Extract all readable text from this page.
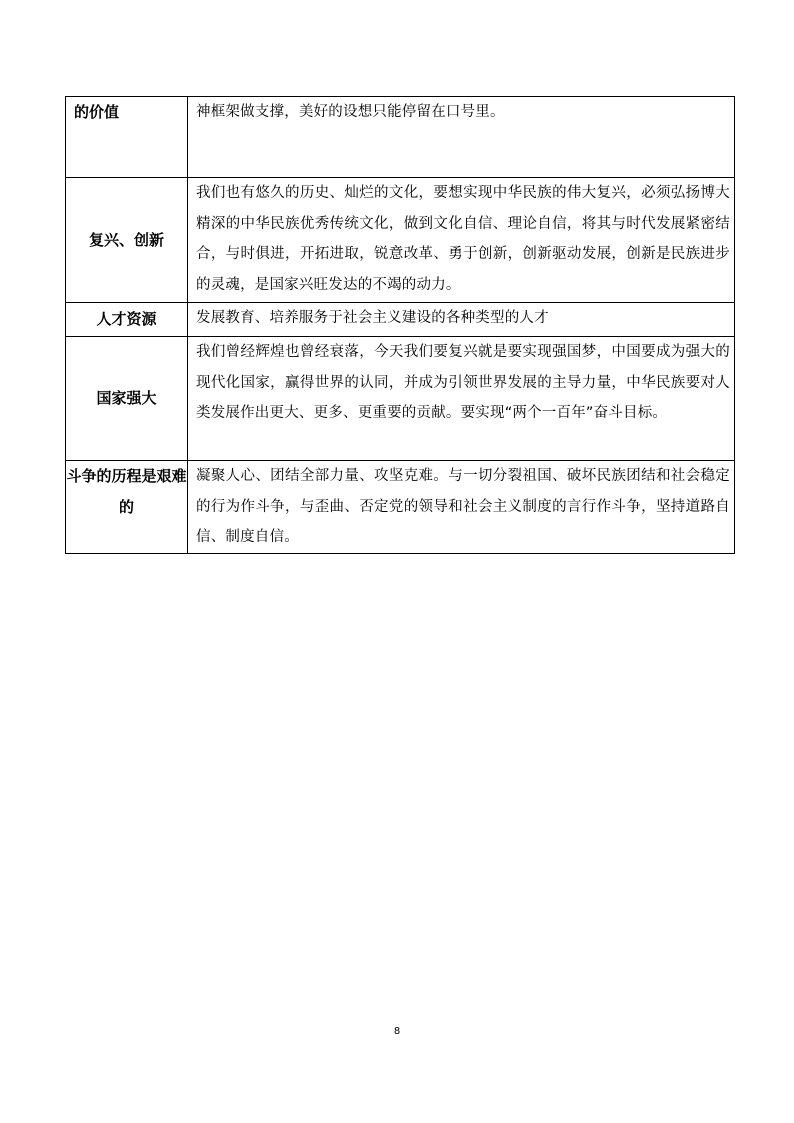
的价值	神框架做支撑，美好的设想只能停留在口号里。
复兴、创新	我们也有悠久的历史、灿烂的文化，要想实现中华民族的伟大复兴，必须弘扬博大精深的中华民族优秀传统文化，做到文化自信、理论自信，将其与时代发展紧密结合，与时俱进，开拓进取，锐意改革、勇于创新，创新驱动发展，创新是民族进步的灵魂，是国家兴旺发达的不竭的动力。
人才资源	发展教育、培养服务于社会主义建设的各种类型的人才
国家强大	我们曾经辉煌也曾经衰落，今天我们要复兴就是要实现强国梦，中国要成为强大的现代化国家，赢得世界的认同，并成为引领世界发展的主导力量，中华民族要对人类发展作出更大、更多、更重要的贡献。要实现“两个一百年”奋斗目标。
斗争的历程是艰难的	凝聚人心、团结全部力量、攻坚克难。与一切分裂祖国、破坏民族团结和社会稳定的行为作斗争，与歪曲、否定党的领导和社会主义制度的言行作斗争，坚持道路自信、制度自信。
8
